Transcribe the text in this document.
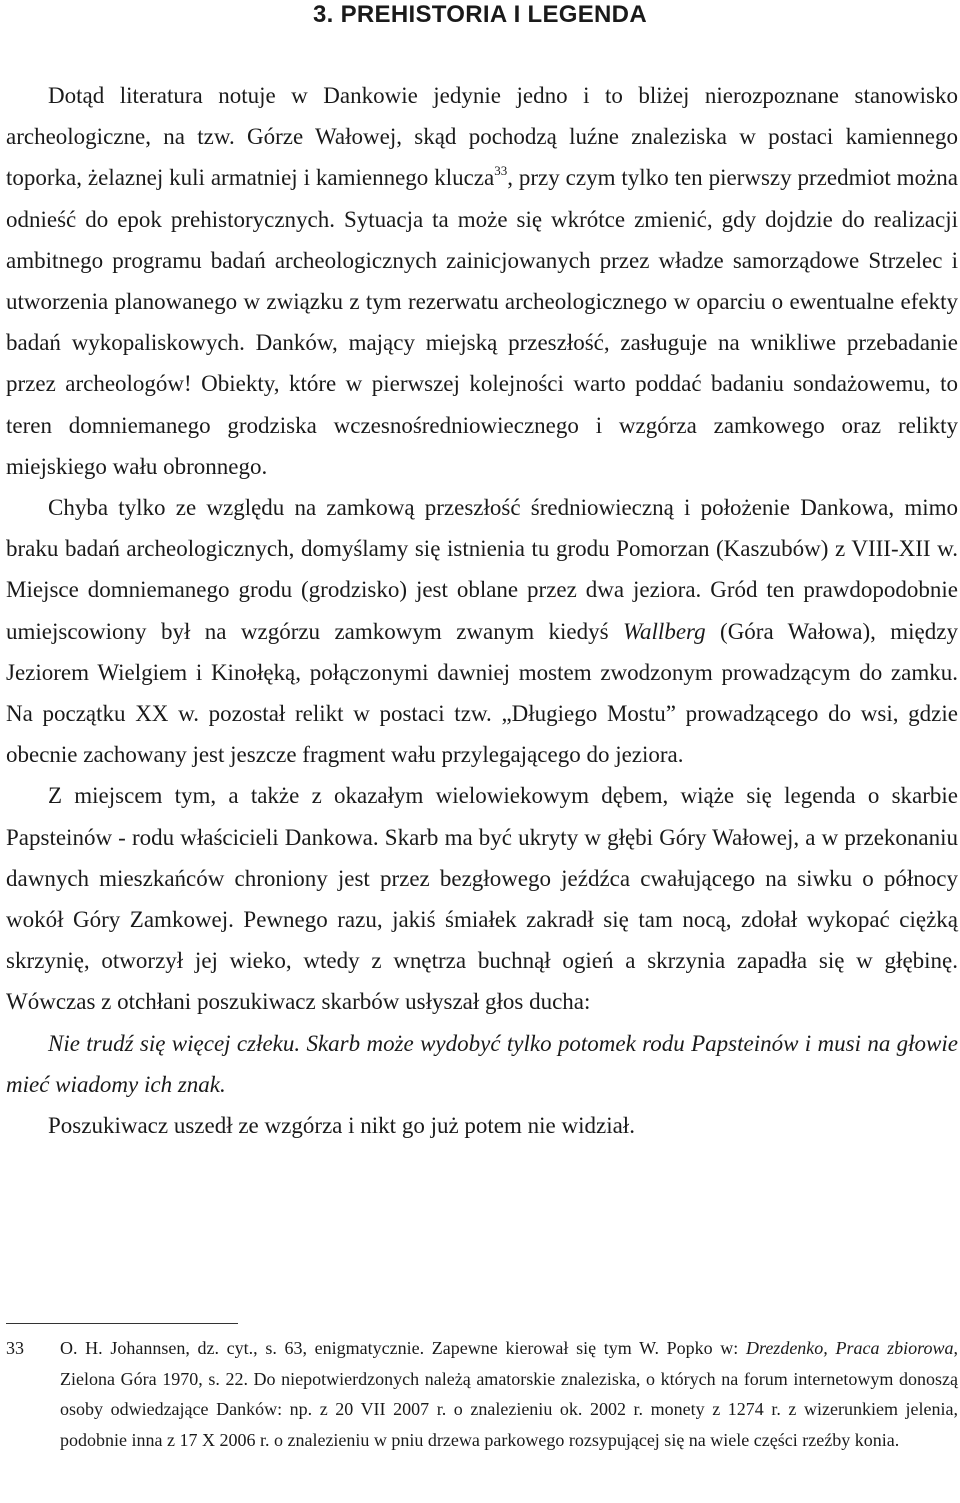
3. PREHISTORIA I LEGENDA

Dotąd literatura notuje w Dankowie jedynie jedno i to bliżej nierozpoznane stanowisko archeologiczne, na tzw. Górze Wałowej, skąd pochodzą luźne znaleziska w postaci kamiennego toporka, żelaznej kuli armatniej i kamiennego klucza$^{33}$, przy czym tylko ten pierwszy przedmiot można odnieść do epok prehistorycznych. Sytuacja ta może się wkrótce zmienić, gdy dojdzie do realizacji ambitnego programu badań archeologicznych zainicjowanych przez władze samorządowe Strzelec i utworzenia planowanego w związku z tym rezerwatu archeologicznego w oparciu o ewentualne efekty badań wykopaliskowych. Danków, mający miejską przeszłość, zasługuje na wnikliwe przebadanie przez archeologów! Obiekty, które w pierwszej kolejności warto poddać badaniu sondażowemu, to teren domniemanego grodziska wczesnośredniowiecznego i wzgórza zamkowego oraz relikty miejskiego wału obronnego.

Chyba tylko ze względu na zamkową przeszłość średniowieczną i położenie Dankowa, mimo braku badań archeologicznych, domyślamy się istnienia tu grodu Pomorzan (Kaszubów) z VIII-XII w. Miejsce domniemanego grodu (grodzisko) jest oblane przez dwa jeziora. Gród ten prawdopodobnie umiejscowiony był na wzgórzu zamkowym zwanym kiedyś Wallberg (Góra Wałowa), między Jeziorem Wielgiem i Kinołęką, połączonymi dawniej mostem zwodzonym prowadzącym do zamku. Na początku XX w. pozostał relikt w postaci tzw. „Długiego Mostu” prowadzącego do wsi, gdzie obecnie zachowany jest jeszcze fragment wału przylegającego do jeziora.

Z miejscem tym, a także z okazałym wielowiekowym dębem, wiąże się legenda o skarbie Papsteinów - rodu właścicieli Dankowa. Skarb ma być ukryty w głębi Góry Wałowej, a w przekonaniu dawnych mieszkańców chroniony jest przez bezgłowego jeźdźca cwałującego na siwku o północy wokół Góry Zamkowej. Pewnego razu, jakiś śmiałek zakradł się tam nocą, zdołał wykopać ciężką skrzynię, otworzył jej wieko, wtedy z wnętrza buchnął ogień a skrzynia zapadła się w głębinę. Wówczas z otchłani poszukiwacz skarbów usłyszał głos ducha:

Nie trudź się więcej człeku. Skarb może wydobyć tylko potomek rodu Papsteinów i musi na głowie mieć wiadomy ich znak.

Poszukiwacz uszedł ze wzgórza i nikt go już potem nie widział.

33 O. H. Johannsen, dz. cyt., s. 63, enigmatycznie. Zapewne kierował się tym W. Popko w: Drezdenko, Praca zbiorowa, Zielona Góra 1970, s. 22. Do niepotwierdzonych należą amatorskie znaleziska, o których na forum internetowym donoszą osoby odwiedzające Danków: np. z 20 VII 2007 r. o znalezieniu ok. 2002 r. monety z 1274 r. z wizerunkiem jelenia, podobnie inna z 17 X 2006 r. o znalezieniu w pniu drzewa parkowego rozsypującej się na wiele części rzeźby konia.
